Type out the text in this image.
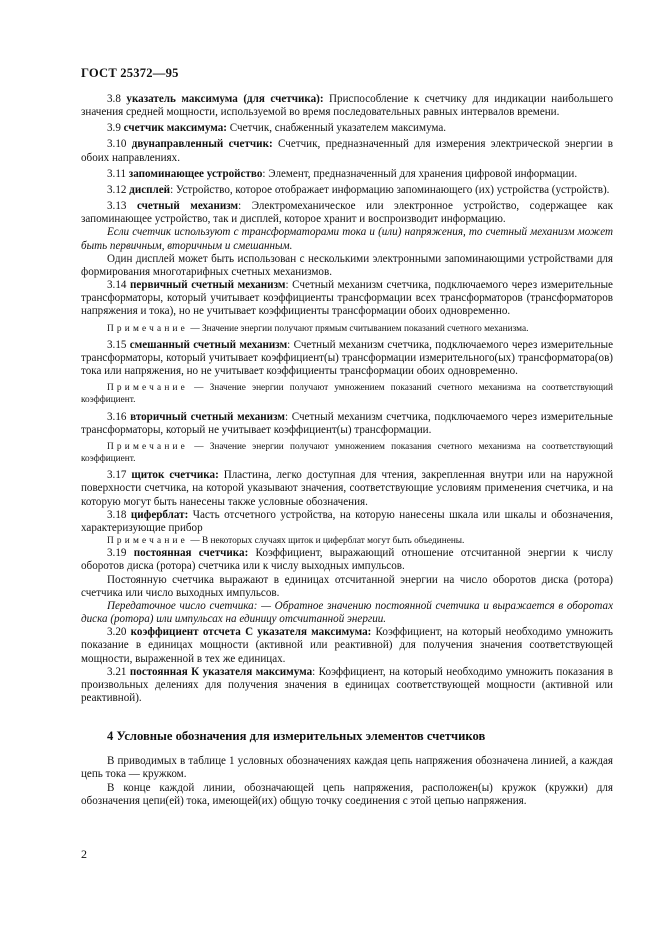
ГОСТ 25372—95

3.8 указатель максимума (для счетчика): Приспособление к счетчику для индикации наибольшего значения средней мощности, используемой во время последовательных равных интервалов времени.

3.9 счетчик максимума: Счетчик, снабженный указателем максимума.

3.10 двунаправленный счетчик: Счетчик, предназначенный для измерения электрической энергии в обоих направлениях.

3.11 запоминающее устройство: Элемент, предназначенный для хранения цифровой информации.

3.12 дисплей: Устройство, которое отображает информацию запоминающего (их) устройства (устройств).

3.13 счетный механизм: Электромеханическое или электронное устройство, содержащее как запоминающее устройство, так и дисплей, которое хранит и воспроизводит информацию.

Если счетчик используют с трансформаторами тока и (или) напряжения, то счетный механизм может быть первичным, вторичным и смешанным.

Один дисплей может быть использован с несколькими электронными запоминающими устройствами для формирования многотарифных счетных механизмов.

3.14 первичный счетный механизм: Счетный механизм счетчика, подключаемого через измерительные трансформаторы, который учитывает коэффициенты трансформации всех трансформаторов (трансформаторов напряжения и тока), но не учитывает коэффициенты трансформации обоих одновременно.

Примечание — Значение энергии получают прямым считыванием показаний счетного механизма.

3.15 смешанный счетный механизм: Счетный механизм счетчика, подключаемого через измерительные трансформаторы, который учитывает коэффициент(ы) трансформации измерительного(ых) трансформатора(ов) тока или напряжения, но не учитывает коэффициенты трансформации обоих одновременно.

Примечание — Значение энергии получают умножением показаний счетного механизма на соответствующий коэффициент.

3.16 вторичный счетный механизм: Счетный механизм счетчика, подключаемого через измерительные трансформаторы, который не учитывает коэффициент(ы) трансформации.

Примечание — Значение энергии получают умножением показания счетного механизма на соответствующий коэффициент.

3.17 щиток счетчика: Пластина, легко доступная для чтения, закрепленная внутри или на наружной поверхности счетчика, на которой указывают значения, соответствующие условиям применения счетчика, и на которую могут быть нанесены также условные обозначения.

3.18 циферблат: Часть отсчетного устройства, на которую нанесены шкала или шкалы и обозначения, характеризующие прибор

Примечание — В некоторых случаях щиток и циферблат могут быть объединены.

3.19 постоянная счетчика: Коэффициент, выражающий отношение отсчитанной энергии к числу оборотов диска (ротора) счетчика или к числу выходных импульсов.

Постоянную счетчика выражают в единицах отсчитанной энергии на число оборотов диска (ротора) счетчика или число выходных импульсов.

Передаточное число счетчика: — Обратное значению постоянной счетчика и выражается в оборотах диска (ротора) или импульсах на единицу отсчитанной энергии.

3.20 коэффициент отсчета С указателя максимума: Коэффициент, на который необходимо умножить показание в единицах мощности (активной или реактивной) для получения значения соответствующей мощности, выраженной в тех же единицах.

3.21 постоянная К указателя максимума: Коэффициент, на который необходимо умножить показания в произвольных делениях для получения значения в единицах соответствующей мощности (активной или реактивной).

4 Условные обозначения для измерительных элементов счетчиков

В приводимых в таблице 1 условных обозначениях каждая цепь напряжения обозначена линией, а каждая цепь тока — кружком.

В конце каждой линии, обозначающей цепь напряжения, расположен(ы) кружок (кружки) для обозначения цепи(ей) тока, имеющей(их) общую точку соединения с этой цепью напряжения.

2
